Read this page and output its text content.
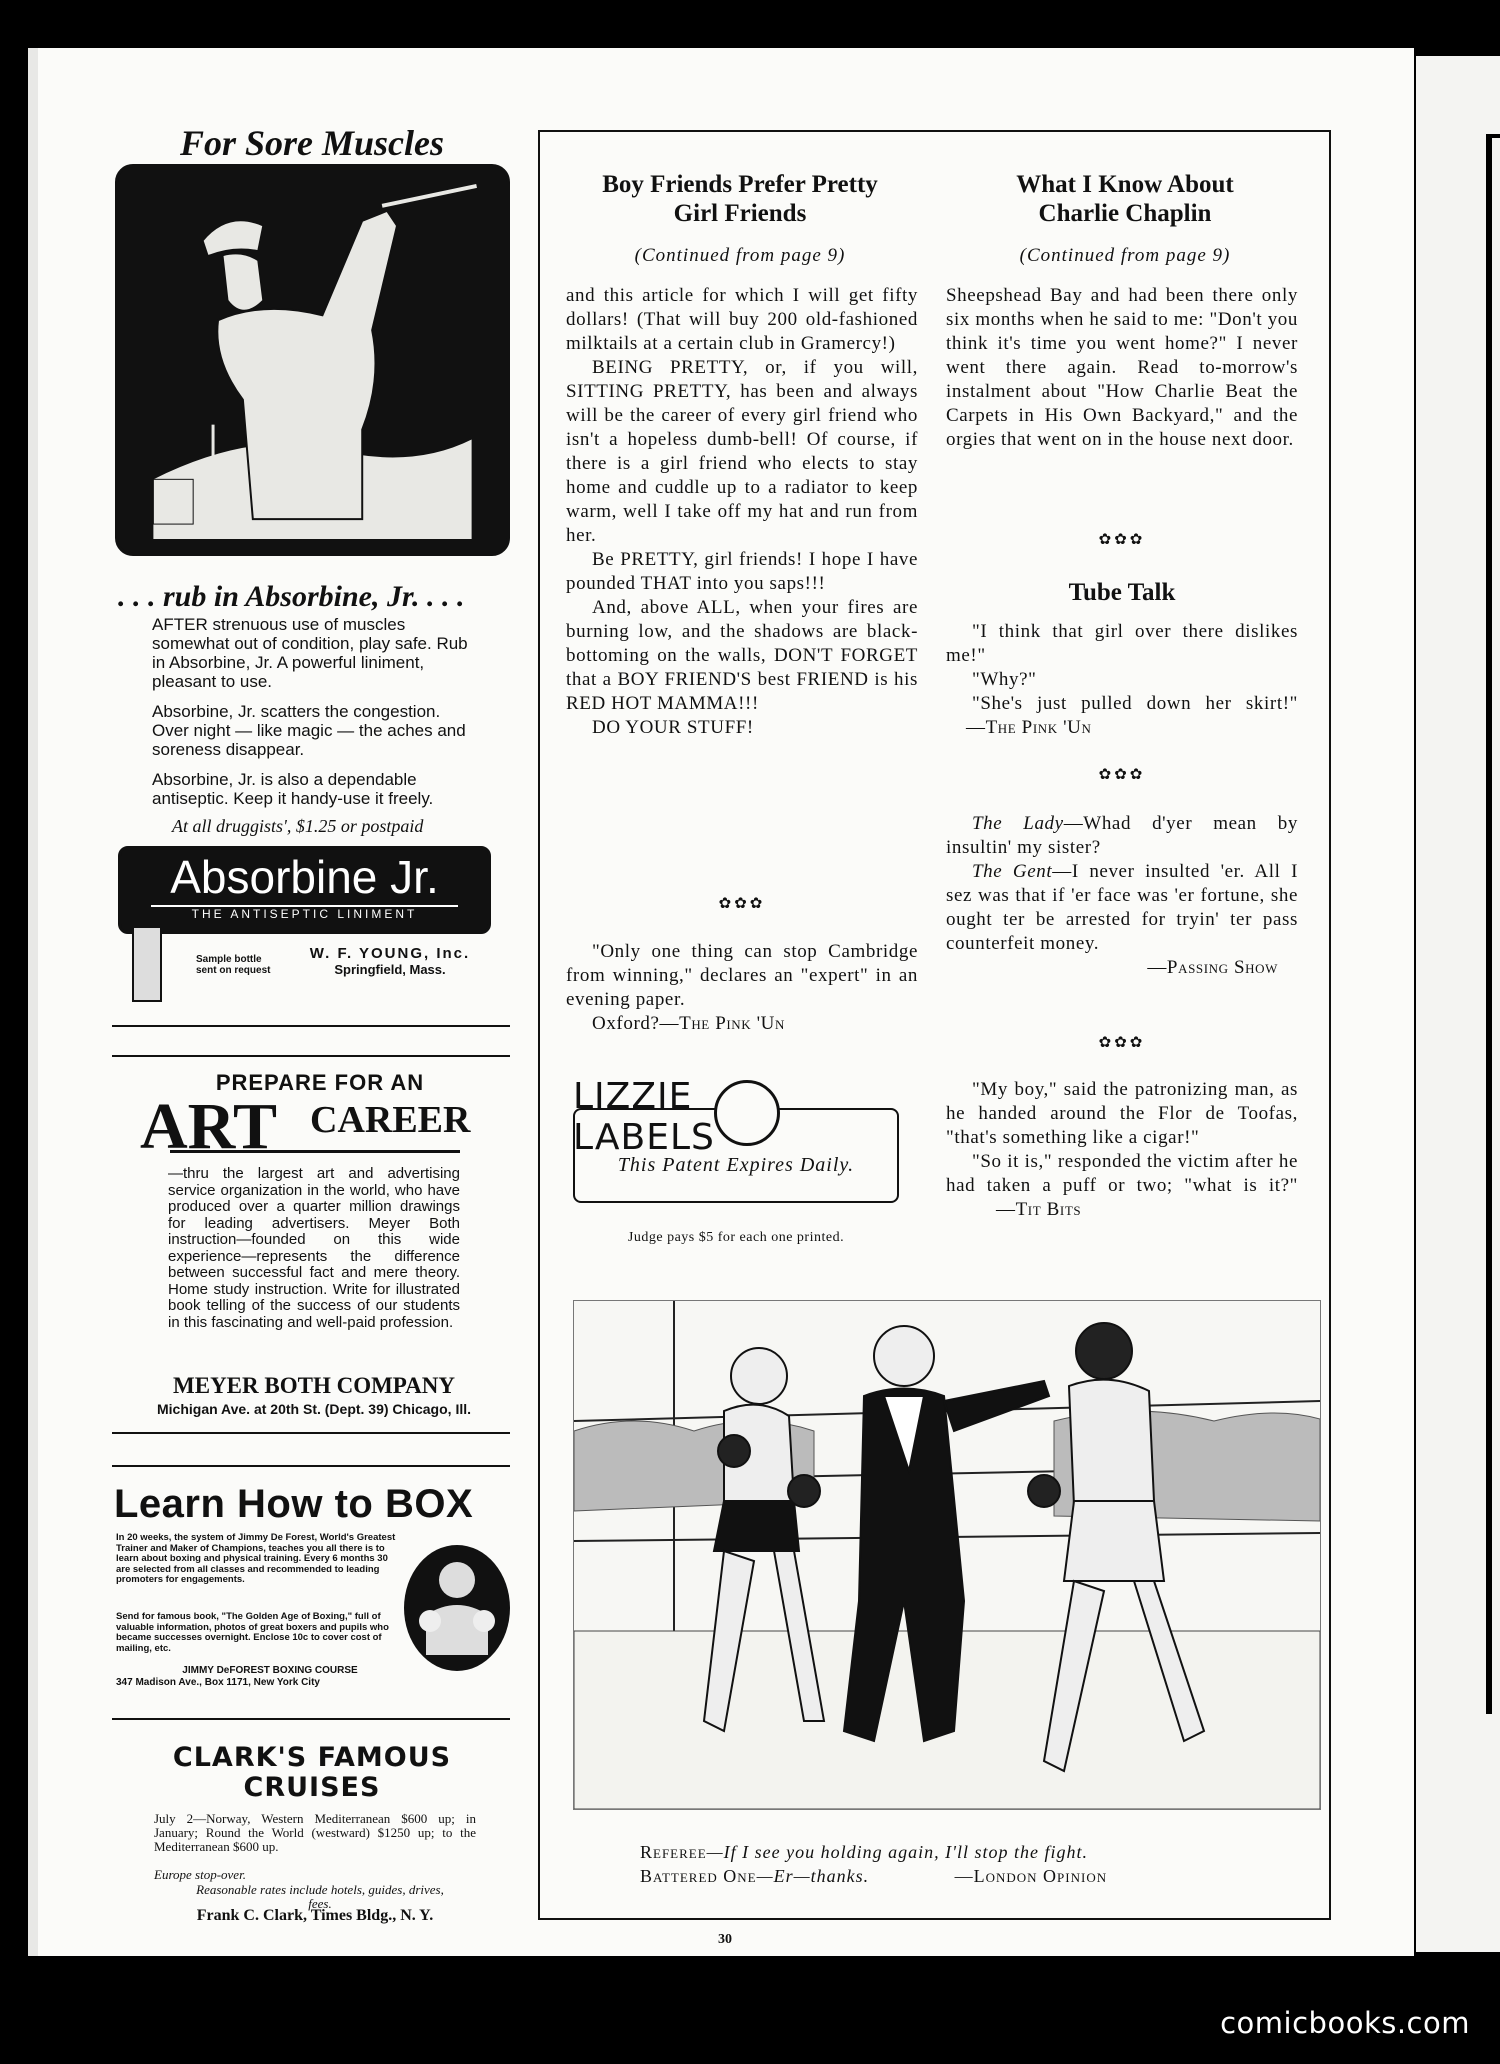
For Sore Muscles
. . . rub in Absorbine, Jr. . . .
AFTER strenuous use of muscles somewhat out of condition, play safe. Rub in Absorbine, Jr. A powerful liniment, pleasant to use.
Absorbine, Jr. scatters the congestion. Over night — like magic — the aches and soreness disappear.
Absorbine, Jr. is also a dependable antiseptic. Keep it handy-use it freely.
At all druggists', $1.25 or postpaid
Absorbine Jr.
THE ANTISEPTIC LINIMENT
Sample bottle sent on request
W. F. YOUNG, Inc.
Springfield, Mass.
PREPARE FOR AN
ART CAREER
—thru the largest art and advertising service organization in the world, who have produced over a quarter million drawings for leading advertisers. Meyer Both instruction—founded on this wide experience—represents the difference between successful fact and mere theory. Home study instruction. Write for illustrated book telling of the success of our students in this fascinating and well-paid profession.
MEYER BOTH COMPANY
Michigan Ave. at 20th St. (Dept. 39) Chicago, Ill.
Learn How to BOX
In 20 weeks, the system of Jimmy De Forest, World's Greatest Trainer and Maker of Champions, teaches you all there is to learn about boxing and physical training. Every 6 months 30 are selected from all classes and recommended to leading promoters for engagements.
Send for famous book, "The Golden Age of Boxing," full of valuable information, photos of great boxers and pupils who became successes overnight. Enclose 10c to cover cost of mailing, etc.
JIMMY DeFOREST BOXING COURSE
347 Madison Ave., Box 1171, New York City
CLARK'S FAMOUS
CRUISES
July 2—Norway, Western Mediterranean $600 up; in January; Round the World (westward) $1250 up; to the Mediterranean $600 up.
Europe stop-over.
Reasonable rates include hotels, guides, drives, fees.
Frank C. Clark, Times Bldg., N. Y.
Boy Friends Prefer Pretty
Girl Friends
(Continued from page 9)

and this article for which I will get fifty dollars! (That will buy 200 old-fashioned milktails at a certain club in Gramercy!)

BEING PRETTY, or, if you will, SITTING PRETTY, has been and always will be the career of every girl friend who isn't a hopeless dumb-bell! Of course, if there is a girl friend who elects to stay home and cuddle up to a radiator to keep warm, well I take off my hat and run from her.

Be PRETTY, girl friends! I hope I have pounded THAT into you saps!!!

And, above ALL, when your fires are burning low, and the shadows are black-bottoming on the walls, DON'T FORGET that a BOY FRIEND'S best FRIEND is his RED HOT MAMMA!!!

DO YOUR STUFF!

✿✿✿

"Only one thing can stop Cambridge from winning," declares an "expert" in an evening paper.

Oxford?—The Pink 'Un

What I Know About
Charlie Chaplin
(Continued from page 9)
Sheepshead Bay and had been there only six months when he said to me: "Don't you think it's time you went home?" I never went there again. Read to-morrow's instalment about "How Charlie Beat the Carpets in His Own Backyard," and the orgies that went on in the house next door.
✿✿✿
Tube Talk

"I think that girl over there dislikes me!"

"Why?"

"She's just pulled down her skirt!" —The Pink 'Un

✿✿✿

The Lady—Whad d'yer mean by insultin' my sister?

The Gent—I never insulted 'er. All I sez was that if 'er face was 'er fortune, she ought ter be arrested for tryin' ter pass counterfeit money.

—Passing Show

✿✿✿

"My boy," said the patronizing man, as he handed around the Flor de Toofas, "that's something like a cigar!"

"So it is," responded the victim after he had taken a puff or two; "what is it?" —Tit Bits

LIZZIE  LABELS
This Patent Expires Daily.
Judge pays $5 for each one printed.
Referee—If I see you holding again, I'll stop the fight.
Battered One—Er—thanks.	—London Opinion
30
comicbooks.com
